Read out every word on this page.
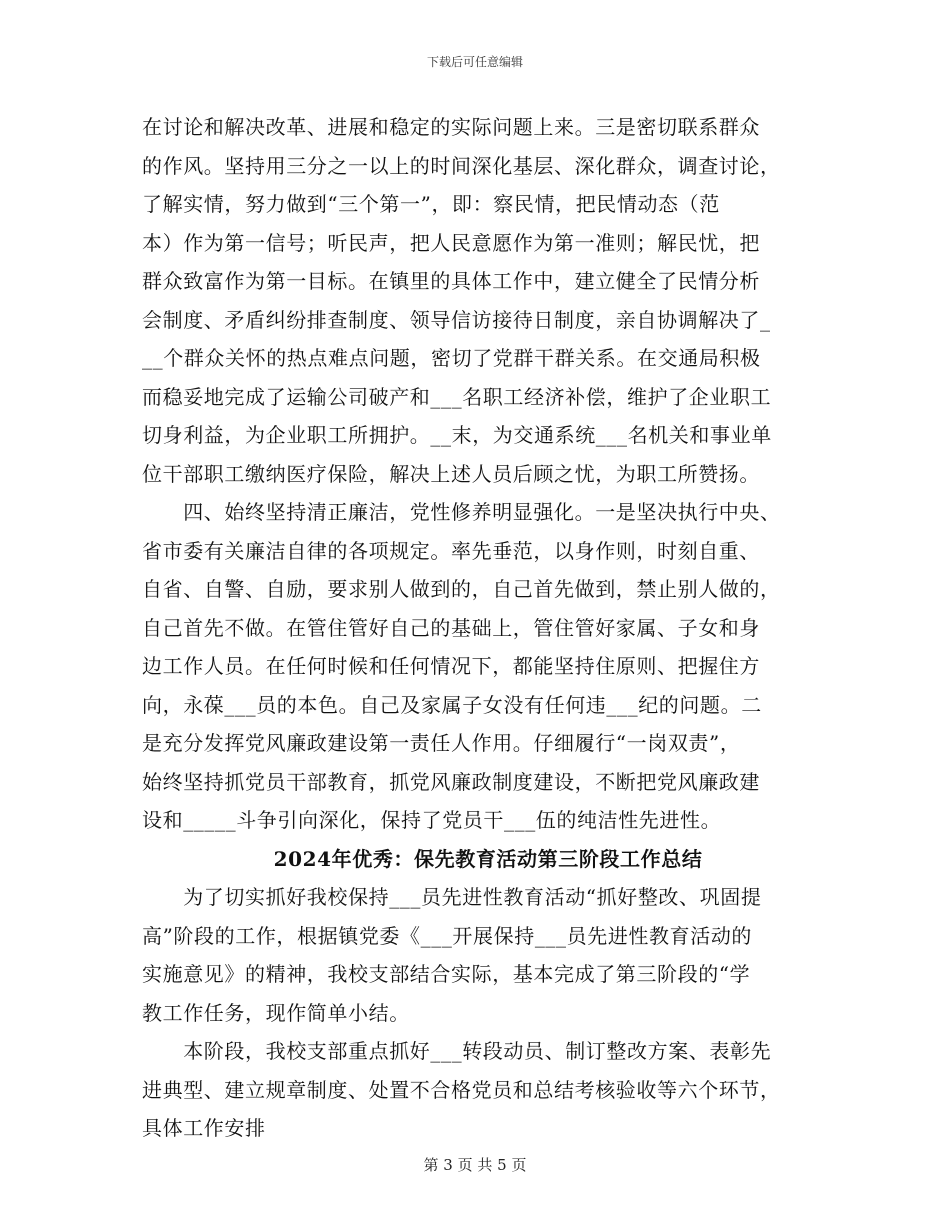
下载后可任意编辑
在讨论和解决改革、进展和稳定的实际问题上来。三是密切联系群众
的作风。坚持用三分之一以上的时间深化基层、深化群众，调查讨论，
了解实情，努力做到“三个第一”，即：察民情，把民情动态（范
本）作为第一信号；听民声，把人民意愿作为第一准则；解民忧，把
群众致富作为第一目标。在镇里的具体工作中，建立健全了民情分析
会制度、矛盾纠纷排查制度、领导信访接待日制度，亲自协调解决了_
__个群众关怀的热点难点问题，密切了党群干群关系。在交通局积极
而稳妥地完成了运输公司破产和___名职工经济补偿，维护了企业职工
切身利益，为企业职工所拥护。__末，为交通系统___名机关和事业单
位干部职工缴纳医疗保险，解决上述人员后顾之忧，为职工所赞扬。
　　四、始终坚持清正廉洁，党性修养明显强化。一是坚决执行中央、
省市委有关廉洁自律的各项规定。率先垂范，以身作则，时刻自重、
自省、自警、自励，要求别人做到的，自己首先做到，禁止别人做的，
自己首先不做。在管住管好自己的基础上，管住管好家属、子女和身
边工作人员。在任何时候和任何情况下，都能坚持住原则、把握住方
向，永葆___员的本色。自己及家属子女没有任何违___纪的问题。二
是充分发挥党风廉政建设第一责任人作用。仔细履行“一岗双责”，
始终坚持抓党员干部教育，抓党风廉政制度建设，不断把党风廉政建
设和_____斗争引向深化，保持了党员干___伍的纯洁性先进性。
2024年优秀：保先教育活动第三阶段工作总结
　　为了切实抓好我校保持___员先进性教育活动“抓好整改、巩固提
高”阶段的工作，根据镇党委《___开展保持___员先进性教育活动的
实施意见》的精神，我校支部结合实际，基本完成了第三阶段的“学
教工作任务，现作简单小结。
　　本阶段，我校支部重点抓好___转段动员、制订整改方案、表彰先
进典型、建立规章制度、处置不合格党员和总结考核验收等六个环节，
具体工作安排
第 3 页 共 5 页
